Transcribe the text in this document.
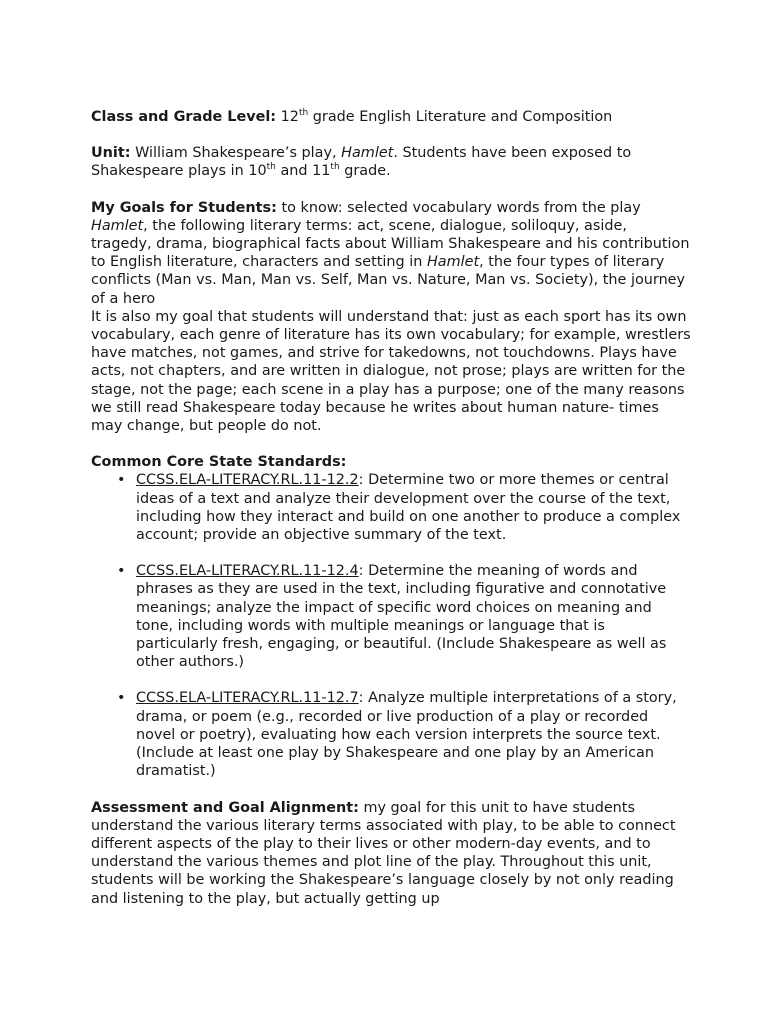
Class and Grade Level: 12th grade English Literature and Composition

Unit: William Shakespeare’s play, Hamlet. Students have been exposed to Shakespeare plays in 10th and 11th grade.

My Goals for Students: to know: selected vocabulary words from the play Hamlet, the following literary terms: act, scene, dialogue, soliloquy, aside, tragedy, drama, biographical facts about William Shakespeare and his contribution to English literature, characters and setting in Hamlet, the four types of literary conflicts (Man vs. Man, Man vs. Self, Man vs. Nature, Man vs. Society), the journey of a hero

It is also my goal that students will understand that: just as each sport has its own vocabulary, each genre of literature has its own vocabulary; for example, wrestlers have matches, not games, and strive for takedowns, not touchdowns. Plays have acts, not chapters, and are written in dialogue, not prose; plays are written for the stage, not the page; each scene in a play has a purpose; one of the many reasons we still read Shakespeare today because he writes about human nature- times may change, but people do not.

Common Core State Standards:

• CCSS.ELA-LITERACY.RL.11-12.2: Determine two or more themes or central ideas of a text and analyze their development over the course of the text, including how they interact and build on one another to produce a complex account; provide an objective summary of the text.
• CCSS.ELA-LITERACY.RL.11-12.4: Determine the meaning of words and phrases as they are used in the text, including figurative and connotative meanings; analyze the impact of specific word choices on meaning and tone, including words with multiple meanings or language that is particularly fresh, engaging, or beautiful. (Include Shakespeare as well as other authors.)
• CCSS.ELA-LITERACY.RL.11-12.7: Analyze multiple interpretations of a story, drama, or poem (e.g., recorded or live production of a play or recorded novel or poetry), evaluating how each version interprets the source text. (Include at least one play by Shakespeare and one play by an American dramatist.)

Assessment and Goal Alignment: my goal for this unit to have students understand the various literary terms associated with play, to be able to connect different aspects of the play to their lives or other modern-day events, and to understand the various themes and plot line of the play. Throughout this unit, students will be working the Shakespeare’s language closely by not only reading and listening to the play, but actually getting up
